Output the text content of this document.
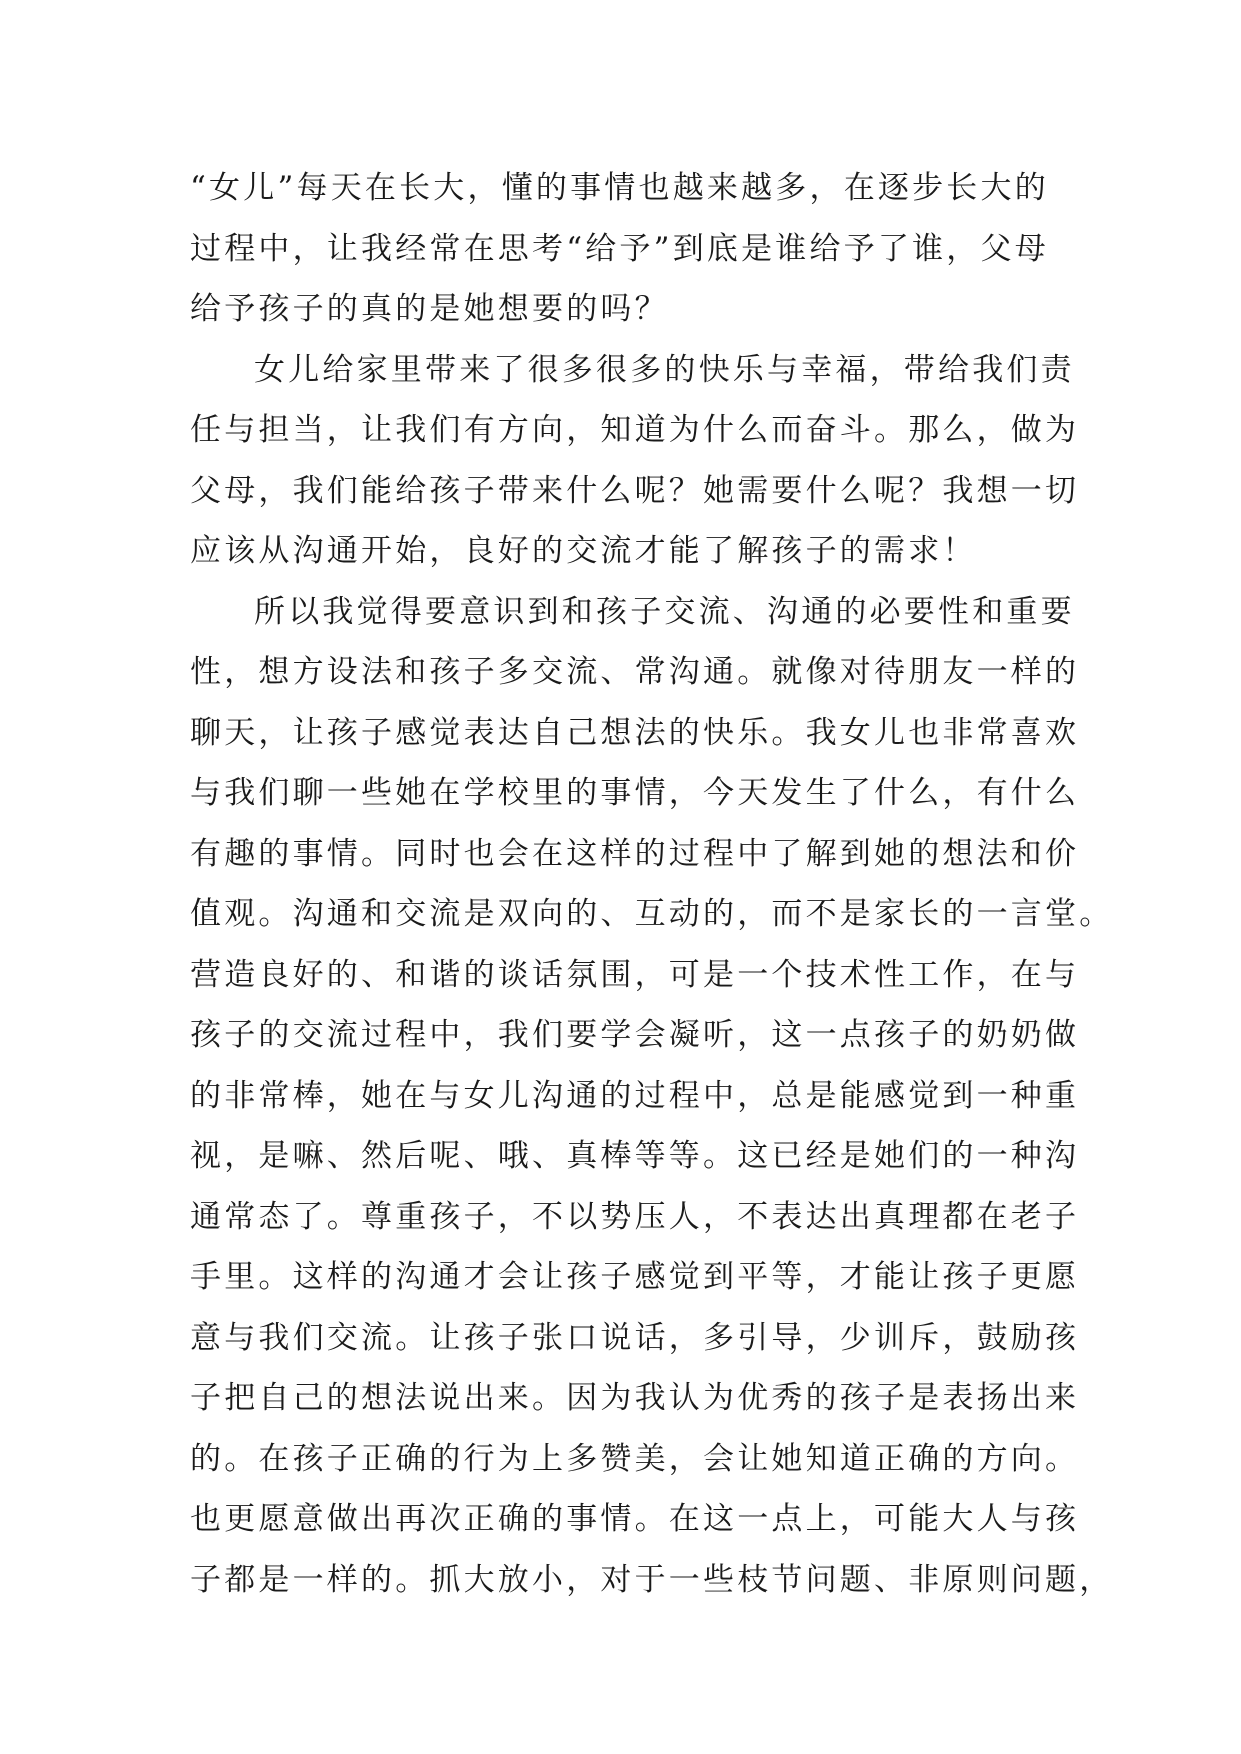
“女儿”每天在长大，懂的事情也越来越多，在逐步长大的
过程中，让我经常在思考“给予”到底是谁给予了谁，父母
给予孩子的真的是她想要的吗？
女儿给家里带来了很多很多的快乐与幸福，带给我们责
任与担当，让我们有方向，知道为什么而奋斗。那么，做为
父母，我们能给孩子带来什么呢？她需要什么呢？我想一切
应该从沟通开始，良好的交流才能了解孩子的需求！
所以我觉得要意识到和孩子交流、沟通的必要性和重要
性，想方设法和孩子多交流、常沟通。就像对待朋友一样的
聊天，让孩子感觉表达自己想法的快乐。我女儿也非常喜欢
与我们聊一些她在学校里的事情，今天发生了什么，有什么
有趣的事情。同时也会在这样的过程中了解到她的想法和价
值观。沟通和交流是双向的、互动的，而不是家长的一言堂。
营造良好的、和谐的谈话氛围，可是一个技术性工作，在与
孩子的交流过程中，我们要学会凝听，这一点孩子的奶奶做
的非常棒，她在与女儿沟通的过程中，总是能感觉到一种重
视，是嘛、然后呢、哦、真棒等等。这已经是她们的一种沟
通常态了。尊重孩子，不以势压人，不表达出真理都在老子
手里。这样的沟通才会让孩子感觉到平等，才能让孩子更愿
意与我们交流。让孩子张口说话，多引导，少训斥，鼓励孩
子把自己的想法说出来。因为我认为优秀的孩子是表扬出来
的。在孩子正确的行为上多赞美，会让她知道正确的方向。
也更愿意做出再次正确的事情。在这一点上，可能大人与孩
子都是一样的。抓大放小，对于一些枝节问题、非原则问题，
